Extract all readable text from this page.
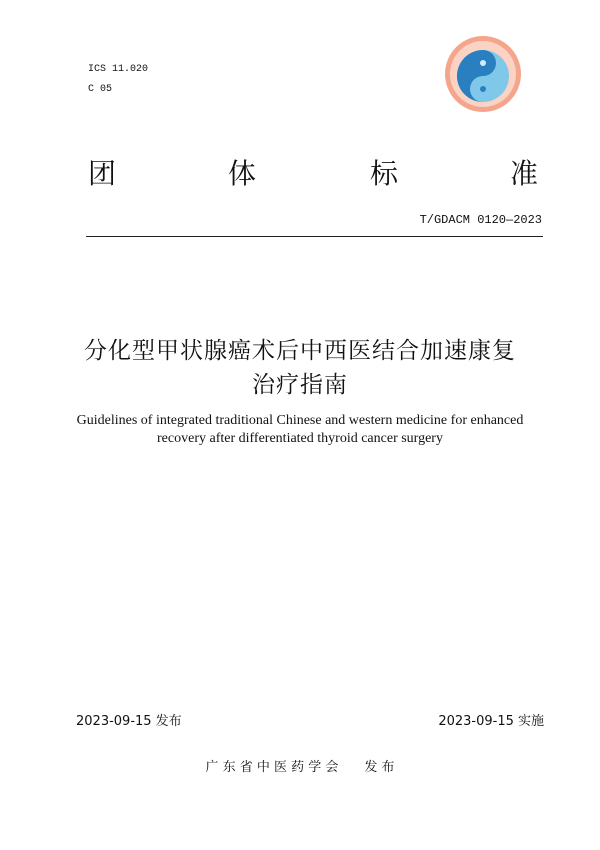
ICS 11.020
C 05
团	体	标	准
T/GDACM 0120—2023
分化型甲状腺癌术后中西医结合加速康复
治疗指南
Guidelines of integrated traditional Chinese and western medicine for enhanced
recovery after differentiated thyroid cancer surgery
2023-09-15 发布	2023-09-15 实施
广 东 省 中 医 药 学 会　　发 布
